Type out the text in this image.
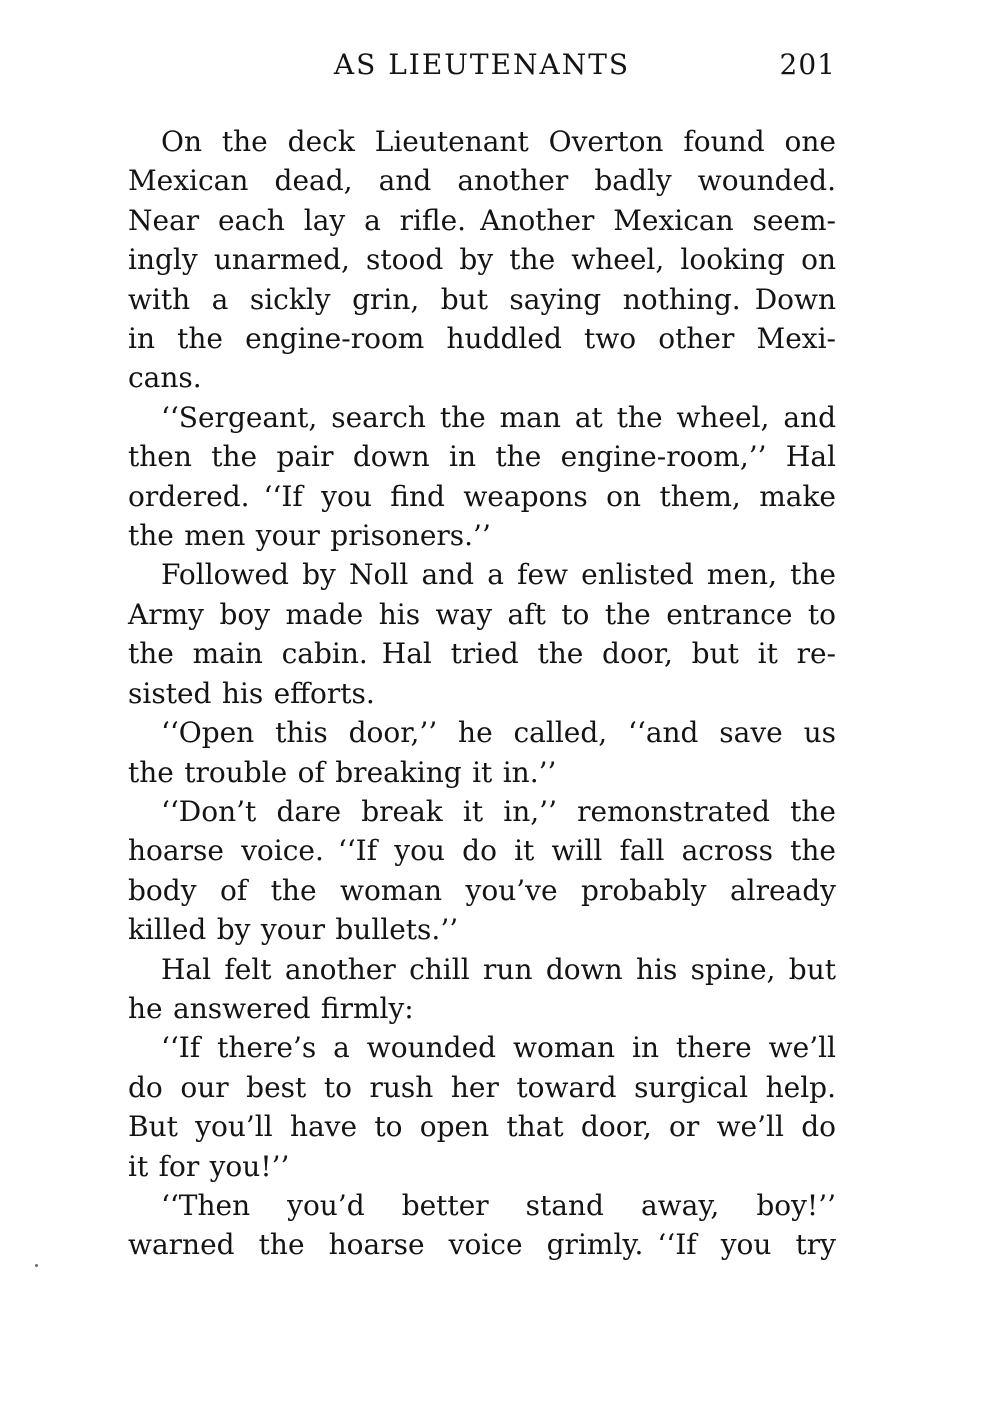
AS LIEUTENANTS	201
On the deck Lieutenant Overton found one
Mexican dead, and another badly wounded.
Near each lay a rifle. Another Mexican seem-
ingly unarmed, stood by the wheel, looking on
with a sickly grin, but saying nothing. Down
in the engine-room huddled two other Mexi-
cans.
‘‘Sergeant, search the man at the wheel, and
then the pair down in the engine-room,’’ Hal
ordered. ‘‘If you find weapons on them, make
the men your prisoners.’’
Followed by Noll and a few enlisted men, the
Army boy made his way aft to the entrance to
the main cabin. Hal tried the door, but it re-
sisted his efforts.
‘‘Open this door,’’ he called, ‘‘and save us
the trouble of breaking it in.’’
‘‘Don’t dare break it in,’’ remonstrated the
hoarse voice. ‘‘If you do it will fall across the
body of the woman you’ve probably already
killed by your bullets.’’
Hal felt another chill run down his spine, but
he answered firmly:
‘‘If there’s a wounded woman in there we’ll
do our best to rush her toward surgical help.
But you’ll have to open that door, or we’ll do
it for you!’’
‘‘Then you’d better stand away, boy!’’
warned the hoarse voice grimly. ‘‘If you try
